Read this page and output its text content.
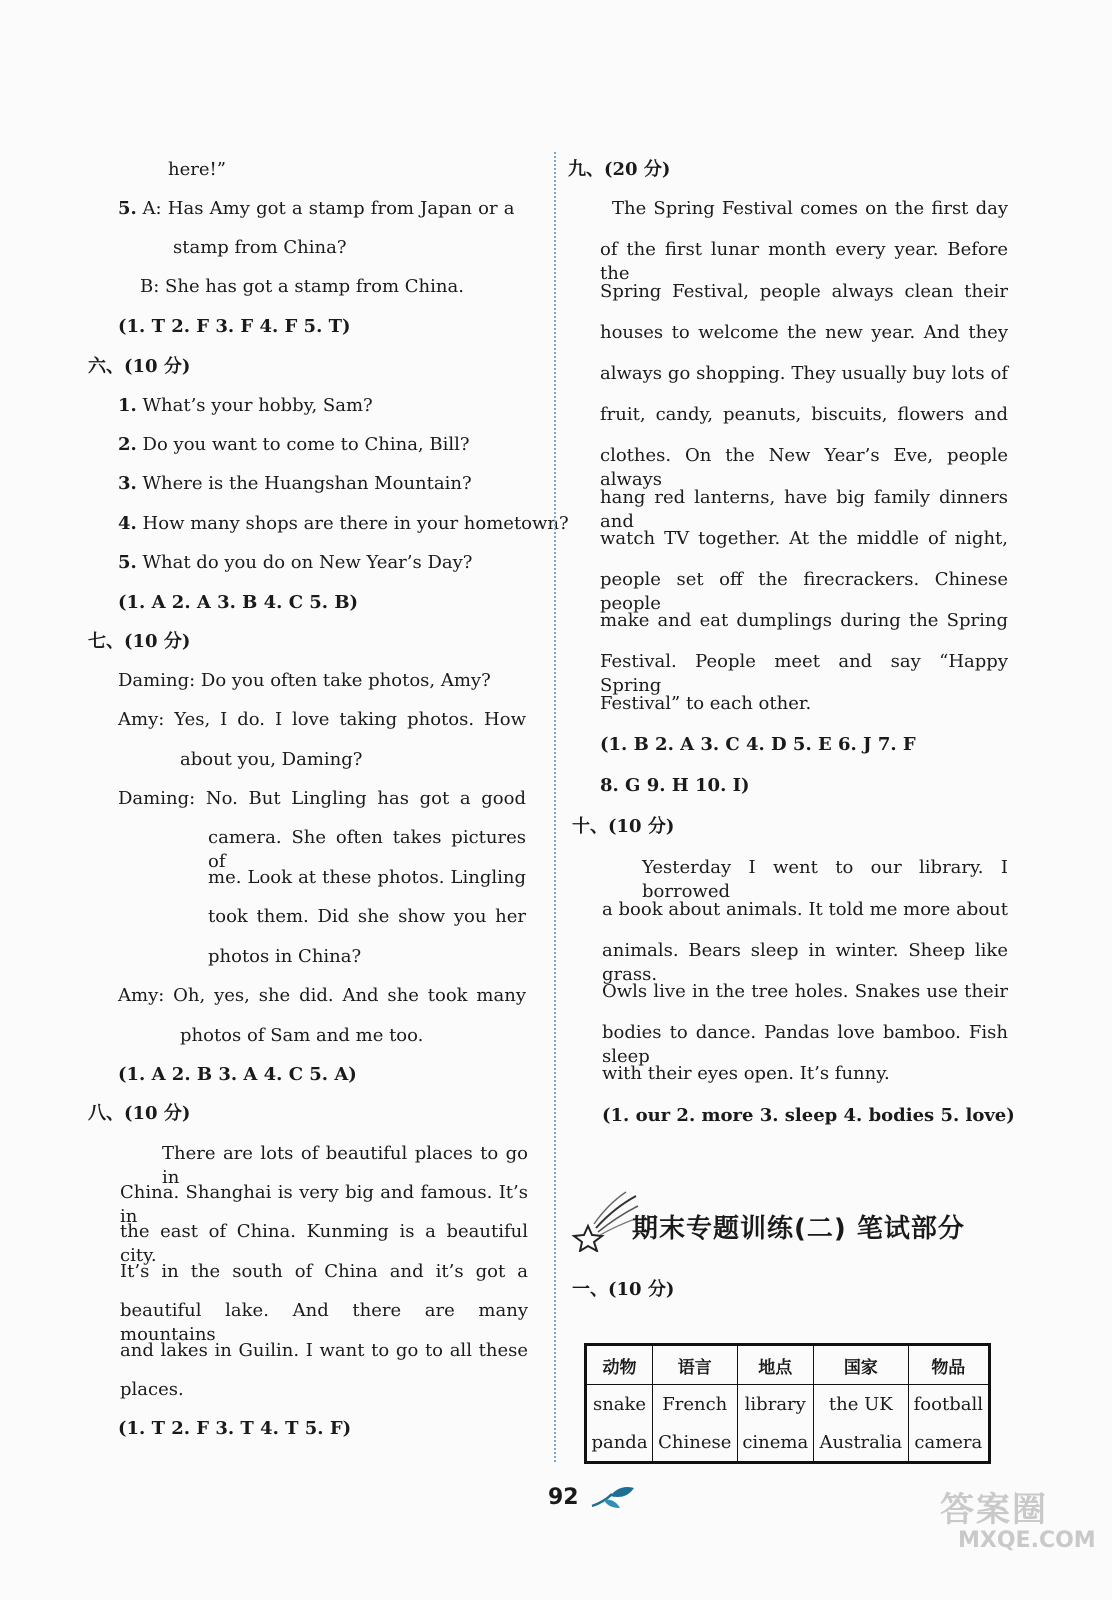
here!”
5. A: Has Amy got a stamp from Japan or a
stamp from China?
B: She has got a stamp from China.
(1. T 2. F 3. F 4. F 5. T)
六、(10 分)
1. What’s your hobby, Sam?
2. Do you want to come to China, Bill?
3. Where is the Huangshan Mountain?
4. How many shops are there in your hometown?
5. What do you do on New Year’s Day?
(1. A 2. A 3. B 4. C 5. B)
七、(10 分)
Daming: Do you often take photos, Amy?
Amy: Yes, I do. I love taking photos. How
about you, Daming?
Daming: No. But Lingling has got a good
camera. She often takes pictures of
me. Look at these photos. Lingling
took them. Did she show you her
photos in China?
Amy: Oh, yes, she did. And she took many
photos of Sam and me too.
(1. A 2. B 3. A 4. C 5. A)
八、(10 分)
There are lots of beautiful places to go in
China. Shanghai is very big and famous. It’s in
the east of China. Kunming is a beautiful city.
It’s in the south of China and it’s got a
beautiful lake. And there are many mountains
and lakes in Guilin. I want to go to all these
places.
(1. T 2. F 3. T 4. T 5. F)
九、(20 分)
The Spring Festival comes on the first day
of the first lunar month every year. Before the
Spring Festival, people always clean their
houses to welcome the new year. And they
always go shopping. They usually buy lots of
fruit, candy, peanuts, biscuits, flowers and
clothes. On the New Year’s Eve, people always
hang red lanterns, have big family dinners and
watch TV together. At the middle of night,
people set off the firecrackers. Chinese people
make and eat dumplings during the Spring
Festival. People meet and say “Happy Spring
Festival” to each other.
(1. B 2. A 3. C 4. D 5. E 6. J 7. F
8. G 9. H 10. I)
十、(10 分)
Yesterday I went to our library. I borrowed
a book about animals. It told me more about
animals. Bears sleep in winter. Sheep like grass.
Owls live in the tree holes. Snakes use their
bodies to dance. Pandas love bamboo. Fish sleep
with their eyes open. It’s funny.
(1. our 2. more 3. sleep 4. bodies 5. love)
期末专题训练(二) 笔试部分
一、(10 分)
动物	语言	地点	国家	物品
snake	French	library	the UK	football
panda	Chinese	cinema	Australia	camera
92	答案圈
MXQE.COM
